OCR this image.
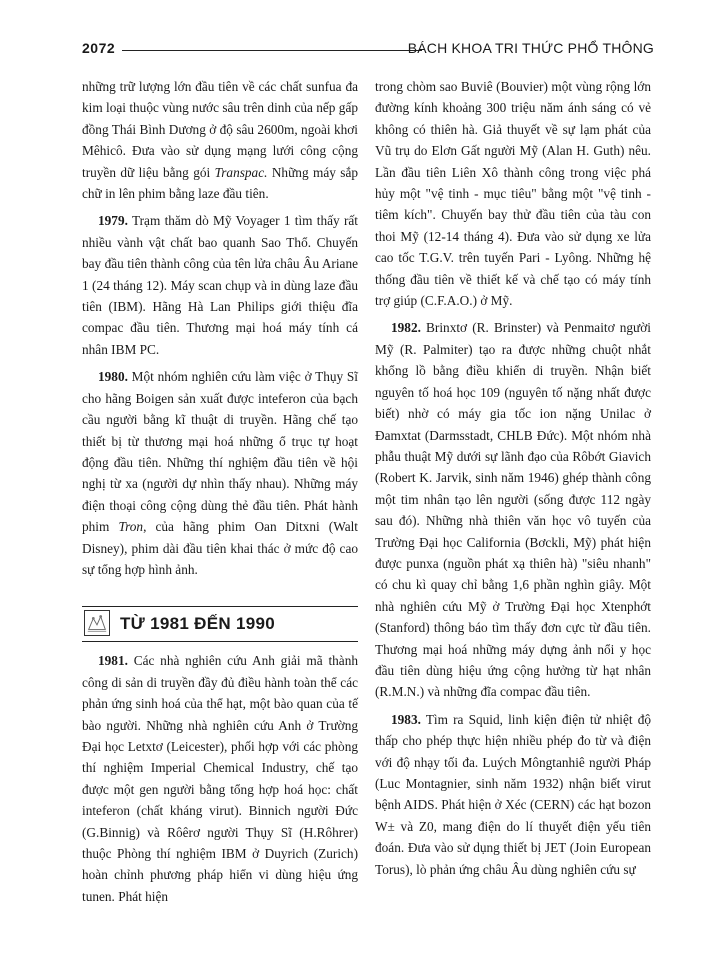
2072	BÁCH KHOA TRI THỨC PHỔ THÔNG

những trữ lượng lớn đầu tiên về các chất sunfua đa kim loại thuộc vùng nước sâu trên dinh của nếp gấp đồng Thái Bình Dương ở độ sâu 2600m, ngoài khơi Mêhicô. Đưa vào sử dụng mạng lưới công cộng truyền dữ liệu bằng gói Transpac. Những máy sắp chữ in lên phim bằng laze đầu tiên.

1979. Trạm thăm dò Mỹ Voyager 1 tìm thấy rất nhiều vành vật chất bao quanh Sao Thổ. Chuyến bay đầu tiên thành công của tên lửa châu Âu Ariane 1 (24 tháng 12). Máy scan chụp và in dùng laze đầu tiên (IBM). Hãng Hà Lan Philips giới thiệu đĩa compac đầu tiên. Thương mại hoá máy tính cá nhân IBM PC.

1980. Một nhóm nghiên cứu làm việc ở Thụy Sĩ cho hãng Boigen sản xuất được inteferon của bạch cầu người bằng kĩ thuật di truyền. Hãng chế tạo thiết bị từ thương mại hoá những ổ trục tự hoạt động đầu tiên. Những thí nghiệm đầu tiên về hội nghị từ xa (người dự nhìn thấy nhau). Những máy điện thoại công cộng dùng thẻ đầu tiên. Phát hành phim Tron, của hãng phim Oan Ditxni (Walt Disney), phim dài đầu tiên khai thác ở mức độ cao sự tổng hợp hình ảnh.

TỪ 1981 ĐẾN 1990

1981. Các nhà nghiên cứu Anh giải mã thành công di sản di truyền đầy đủ điều hành toàn thể các phản ứng sinh hoá của thể hạt, một bào quan của tế bào người. Những nhà nghiên cứu Anh ở Trường Đại học Letxtơ (Leicester), phối hợp với các phòng thí nghiệm Imperial Chemical Industry, chế tạo được một gen người bằng tổng hợp hoá học: chất inteferon (chất kháng virut). Binnich người Đức (G.Binnig) và Rôêrơ người Thụy Sĩ (H.Rôhrer) thuộc Phòng thí nghiệm IBM ở Duyrich (Zurich) hoàn chỉnh phương pháp hiển vi dùng hiệu ứng tunen. Phát hiện

trong chòm sao Buviê (Bouvier) một vùng rộng lớn đường kính khoảng 300 triệu năm ánh sáng có vẻ không có thiên hà. Giả thuyết về sự lạm phát của Vũ trụ do Elơn Gất người Mỹ (Alan H. Guth) nêu. Lần đầu tiên Liên Xô thành công trong việc phá hủy một "vệ tinh - mục tiêu" bằng một "vệ tinh - tiêm kích". Chuyến bay thử đầu tiên của tàu con thoi Mỹ (12-14 tháng 4). Đưa vào sử dụng xe lửa cao tốc T.G.V. trên tuyến Pari - Lyông. Những hệ thống đầu tiên về thiết kế và chế tạo có máy tính trợ giúp (C.F.A.O.) ở Mỹ.

1982. Brinxtơ (R. Brinster) và Penmaitơ người Mỹ (R. Palmiter) tạo ra được những chuột nhắt khổng lồ bằng điều khiển di truyền. Nhận biết nguyên tố hoá học 109 (nguyên tố nặng nhất được biết) nhờ có máy gia tốc ion nặng Unilac ở Đamxtat (Darmsstadt, CHLB Đức). Một nhóm nhà phẫu thuật Mỹ dưới sự lãnh đạo của Rôbớt Giavich (Robert K. Jarvik, sinh năm 1946) ghép thành công một tim nhân tạo lên người (sống được 112 ngày sau đó). Những nhà thiên văn học vô tuyến của Trường Đại học California (Bơckli, Mỹ) phát hiện được punxa (nguồn phát xạ thiên hà) "siêu nhanh" có chu kì quay chỉ bằng 1,6 phần nghìn giây. Một nhà nghiên cứu Mỹ ở Trường Đại học Xtenphớt (Stanford) thông báo tìm thấy đơn cực từ đầu tiên. Thương mại hoá những máy dựng ảnh nổi y học đầu tiên dùng hiệu ứng cộng hưởng từ hạt nhân (R.M.N.) và những đĩa compac đầu tiên.

1983. Tìm ra Squid, linh kiện điện tử nhiệt độ thấp cho phép thực hiện nhiều phép đo từ và điện với độ nhạy tối đa. Luých Môngtanhiê người Pháp (Luc Montagnier, sinh năm 1932) nhận biết virut bệnh AIDS. Phát hiện ở Xéc (CERN) các hạt bozon W± và Z0, mang điện do lí thuyết điện yếu tiên đoán. Đưa vào sử dụng thiết bị JET (Join European Torus), lò phản ứng châu Âu dùng nghiên cứu sự
